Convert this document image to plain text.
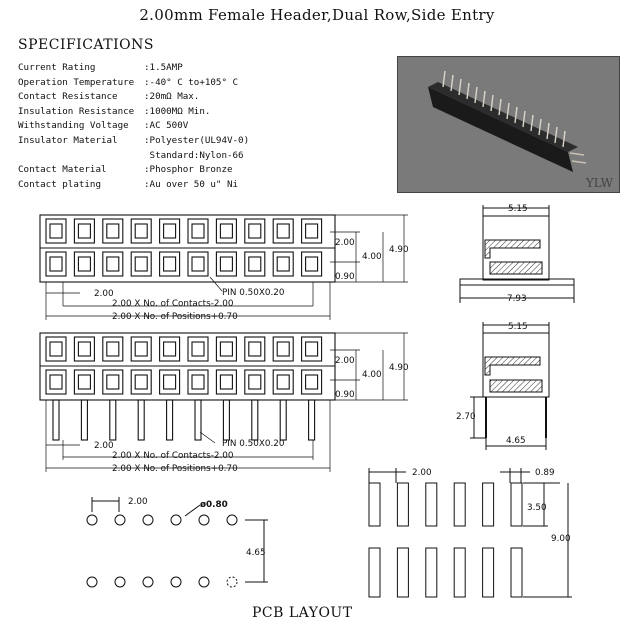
2.00mm Female Header,Dual Row,Side Entry
SPECIFICATIONS
Current Rating	:1.5AMP
Operation Temperature	:-40° C to+105° C
Contact Resistance	:20mΩ Max.
Insulation Resistance	:1000MΩ Min.
Withstanding Voltage	:AC 500V
Insulator Material	:Polyester(UL94V-0)
Standard:Nylon-66
Contact Material	:Phosphor Bronze
Contact plating	:Au over 50 u" Ni	YLW
2.00
4.00
4.90
0.90
2.00	PIN 0.50X0.20
2.00 X No. of Contacts-2.00
2.00 X No. of Positions+0.70
5.15
7.93
2.00
4.00
4.90
0.90
2.00	PIN 0.50X0.20
2.00 X No. of Contacts-2.00
2.00 X No. of Positions+0.70
5.15
2.70
4.65
2.00	ø0.80
4.65
2.00	0.89
3.50
9.00
PCB LAYOUT
